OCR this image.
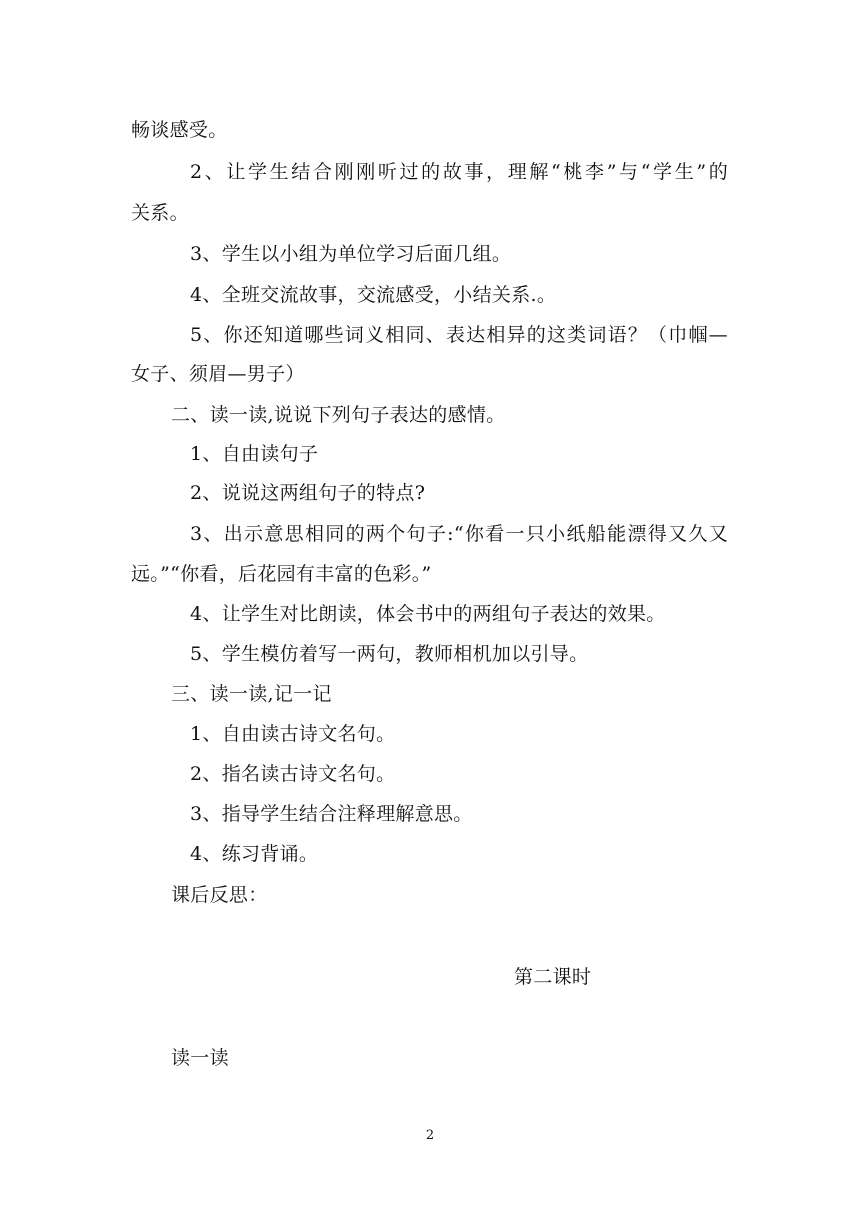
畅谈感受。
2、让学生结合刚刚听过的故事，理解“桃李”与“学生”的
关系。
3、学生以小组为单位学习后面几组。
4、全班交流故事，交流感受，小结关系.。
5、你还知道哪些词义相同、表达相异的这类词语？（巾帼—
女子、须眉—男子）
二、读一读,说说下列句子表达的感情。
1、自由读句子
2、说说这两组句子的特点?
3、出示意思相同的两个句子:“你看一只小纸船能漂得又久又
远。”“你看，后花园有丰富的色彩。”
4、让学生对比朗读，体会书中的两组句子表达的效果。
5、学生模仿着写一两句，教师相机加以引导。
三、读一读,记一记
1、自由读古诗文名句。
2、指名读古诗文名句。
3、指导学生结合注释理解意思。
4、练习背诵。
课后反思：
第二课时
读一读
2
